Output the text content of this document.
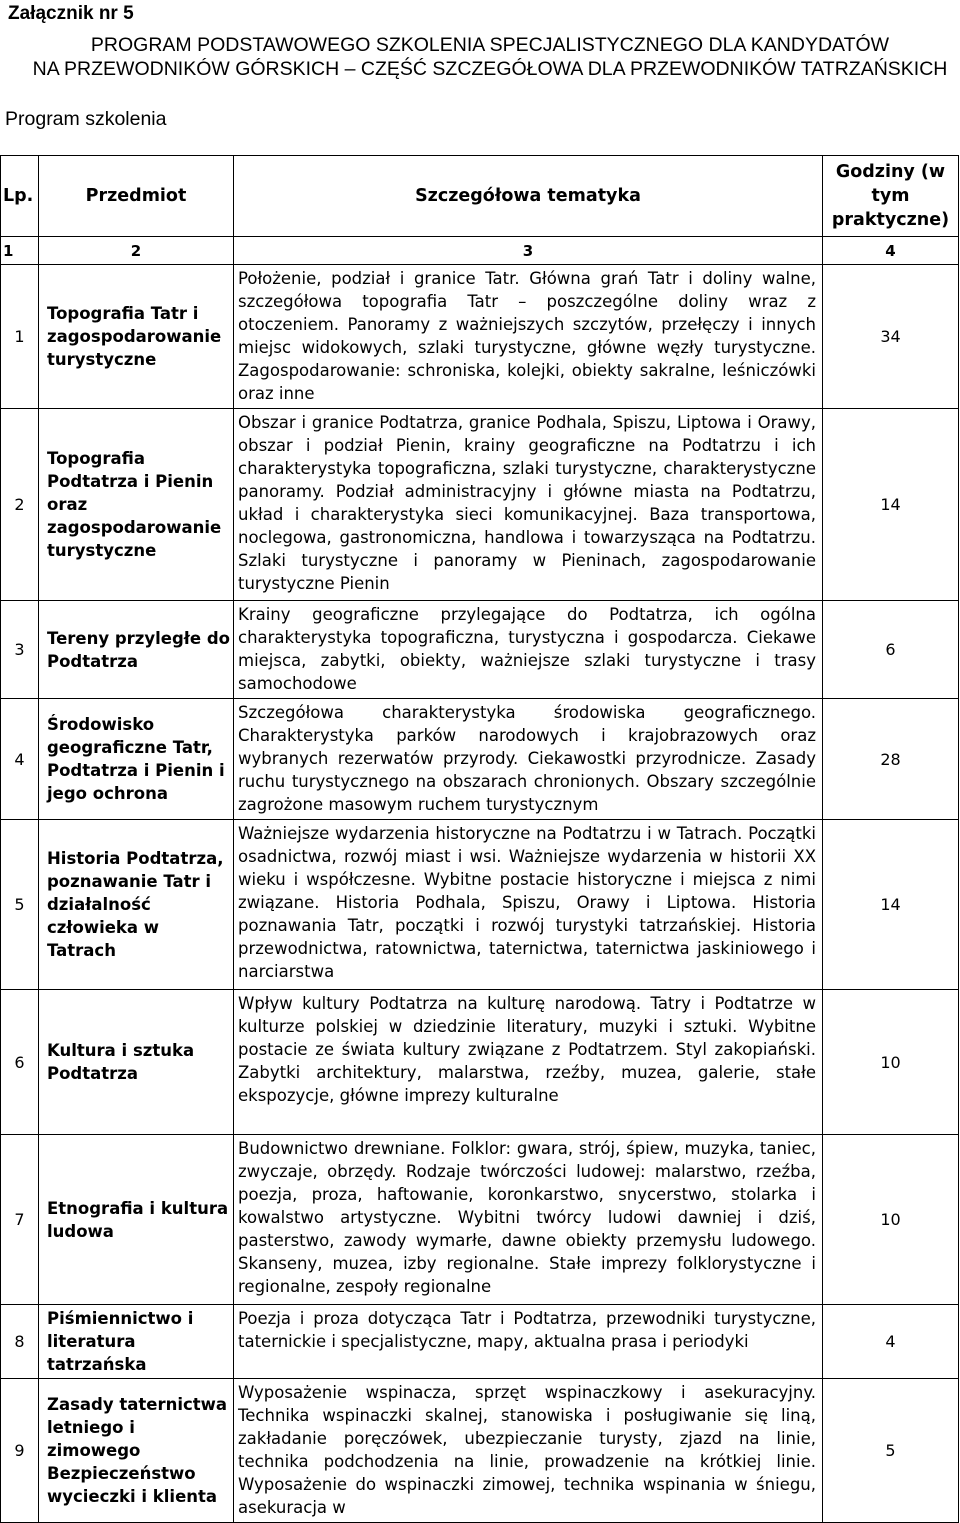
Załącznik nr 5
PROGRAM PODSTAWOWEGO SZKOLENIA SPECJALISTYCZNEGO DLA KANDYDATÓW
NA PRZEWODNIKÓW GÓRSKICH – CZĘŚĆ SZCZEGÓŁOWA DLA PRZEWODNIKÓW TATRZAŃSKICH
Program szkolenia
Lp.	Przedmiot	Szczegółowa tematyka	Godziny (w tym praktyczne)
1	2	3	4
1	Topografia Tatr i zagospodarowanie turystyczne	Położenie, podział i granice Tatr. Główna grań Tatr i doliny walne, szczegółowa topografia Tatr – poszczególne doliny wraz z otoczeniem. Panoramy z ważniejszych szczytów, przełęczy i innych miejsc widokowych, szlaki turystyczne, główne węzły turystyczne. Zagospodarowanie: schroniska, kolejki, obiekty sakralne, leśniczówki oraz inne	34
2	Topografia Podtatrza i Pienin oraz zagospodarowanie turystyczne	Obszar i granice Podtatrza, granice Podhala, Spiszu, Liptowa i Orawy, obszar i podział Pienin, krainy geograficzne na Podtatrzu i ich charakterystyka topograficzna, szlaki turystyczne, charakterystyczne panoramy. Podział administracyjny i główne miasta na Podtatrzu, układ i charakterystyka sieci komunikacyjnej. Baza transportowa, noclegowa, gastronomiczna, handlowa i towarzysząca na Podtatrzu. Szlaki turystyczne i panoramy w Pieninach, zagospodarowanie turystyczne Pienin	14
3	Tereny przyległe do Podtatrza	Krainy geograficzne przylegające do Podtatrza, ich ogólna charakterystyka topograficzna, turystyczna i gospodarcza. Ciekawe miejsca, zabytki, obiekty, ważniejsze szlaki turystyczne i trasy samochodowe	6
4	Środowisko geograficzne Tatr, Podtatrza i Pienin i jego ochrona	Szczegółowa charakterystyka środowiska geograficznego. Charakterystyka parków narodowych i krajobrazowych oraz wybranych rezerwatów przyrody. Ciekawostki przyrodnicze. Zasady ruchu turystycznego na obszarach chronionych. Obszary szczególnie zagrożone masowym ruchem turystycznym	28
5	Historia Podtatrza, poznawanie Tatr i działalność człowieka w Tatrach	Ważniejsze wydarzenia historyczne na Podtatrzu i w Tatrach. Początki osadnictwa, rozwój miast i wsi. Ważniejsze wydarzenia w historii XX wieku i współczesne. Wybitne postacie historyczne i miejsca z nimi związane. Historia Podhala, Spiszu, Orawy i Liptowa. Historia poznawania Tatr, początki i rozwój turystyki tatrzańskiej. Historia przewodnictwa, ratownictwa, taternictwa, taternictwa jaskiniowego i narciarstwa	14
6	Kultura i sztuka Podtatrza	Wpływ kultury Podtatrza na kulturę narodową. Tatry i Podtatrze w kulturze polskiej w dziedzinie literatury, muzyki i sztuki. Wybitne postacie ze świata kultury związane z Podtatrzem. Styl zakopiański. Zabytki architektury, malarstwa, rzeźby, muzea, galerie, stałe ekspozycje, główne imprezy kulturalne	10
7	Etnografia i kultura ludowa	Budownictwo drewniane. Folklor: gwara, strój, śpiew, muzyka, taniec, zwyczaje, obrzędy. Rodzaje twórczości ludowej: malarstwo, rzeźba, poezja, proza, haftowanie, koronkarstwo, snycerstwo, stolarka i kowalstwo artystyczne. Wybitni twórcy ludowi dawniej i dziś, pasterstwo, zawody wymarłe, dawne obiekty przemysłu ludowego. Skanseny, muzea, izby regionalne. Stałe imprezy folklorystyczne i regionalne, zespoły regionalne	10
8	Piśmiennictwo i literatura tatrzańska	Poezja i proza dotycząca Tatr i Podtatrza, przewodniki turystyczne, taternickie i specjalistyczne, mapy, aktualna prasa i periodyki	4
9	Zasady taternictwa letniego i zimowego Bezpieczeństwo wycieczki i klienta	Wyposażenie wspinacza, sprzęt wspinaczkowy i asekuracyjny. Technika wspinaczki skalnej, stanowiska i posługiwanie się liną, zakładanie poręczówek, ubezpieczanie turysty, zjazd na linie, technika podchodzenia na linie, prowadzenie na krótkiej linie. Wyposażenie do wspinaczki zimowej, technika wspinania w śniegu, asekuracja w	5
